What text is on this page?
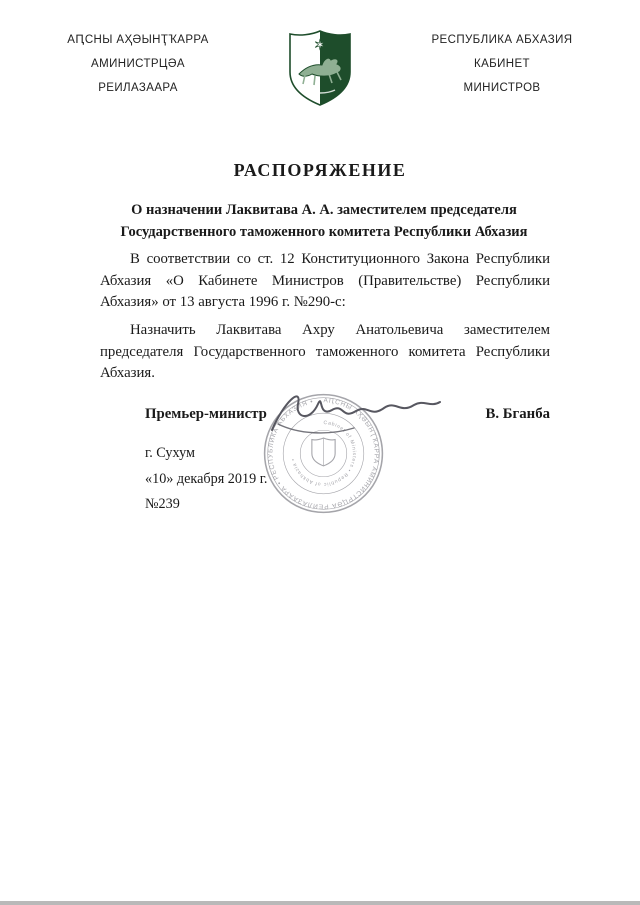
АԤСНЫ АҲӘЫНҬҠАРРА
АМИНИСТРЦӘА
РЕИЛАЗААРА
✶	РЕСПУБЛИКА АБХАЗИЯ
КАБИНЕТ
МИНИСТРОВ
РАСПОРЯЖЕНИЕ
О назначении Лаквитава А. А. заместителем председателя
Государственного таможенного комитета Республики Абхазия

В соответствии со ст. 12 Конституционного Закона Республики Абхазия «О Кабинете Министров (Правительстве) Республики Абхазия» от 13 августа 1996 г. №290-с:

Назначить Лаквитава Ахру Анатольевича заместителем председателя Государственного таможенного комитета Республики Абхазия.

Премьер-министр	В. Бганба
АԤСНЫ АҲӘЫНҬҠАРРА АМИНИСТРЦӘА РЕИЛАЗААРА • РЕСПУБЛИКА АБХАЗИЯ •
Cabinet of Ministers • Republic of Abkhazia •
г. Сухум
«10» декабря 2019 г.
№239
